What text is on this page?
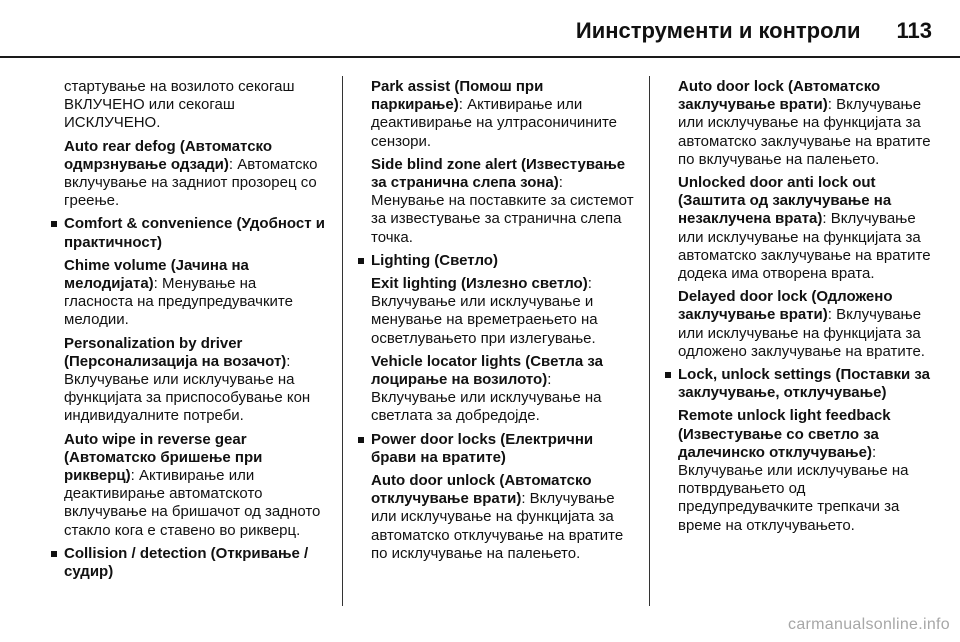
Иинструменти и контроли 113
стартување на возилото секогаш ВКЛУЧЕНО или секогаш ИСКЛУЧЕНО.
Auto rear defog (Автоматско одмрзнување одзади): Автоматско вклучување на задниот прозорец со греење.
Comfort & convenience (Удобност и практичност)
Chime volume (Јачина на мелодијата): Менување на гласноста на предупредувачките мелодии.
Personalization by driver (Персонализација на возачот): Вклучување или исклучување на функцијата за приспособување кон индивидуалните потреби.
Auto wipe in reverse gear (Автоматско бришење при рикверц): Активирање или деактивирање автоматското вклучување на бришачот од задното стакло кога е ставено во рикверц.
Collision / detection (Откривање / судир)
Park assist (Помош при паркирање): Активирање или деактивирање на ултрасоничините сензори.
Side blind zone alert (Известување за странична слепа зона): Менување на поставките за системот за известување за странична слепа точка.
Lighting (Светло)
Exit lighting (Излезно светло): Вклучување или исклучување и менување на времетраењето на осветлувањето при излегување.
Vehicle locator lights (Светла за лоцирање на возилото): Вклучување или исклучување на светлата за добредојде.
Power door locks (Електрични брави на вратите)
Auto door unlock (Автоматско отклучување врати): Вклучување или исклучување на функцијата за автоматско отклучување на вратите по исклучување на палењето.
Auto door lock (Автоматско заклучување врати): Вклучување или исклучување на функцијата за автоматско заклучување на вратите по вклучување на палењето.
Unlocked door anti lock out (Заштита од заклучување на незаклучена врата): Вклучување или исклучување на функцијата за автоматско заклучување на вратите додека има отворена врата.
Delayed door lock (Одложено заклучување врати): Вклучување или исклучување на функцијата за одложено заклучување на вратите.
Lock, unlock settings (Поставки за заклучување, отклучување)
Remote unlock light feedback (Известување со светло за далечинско отклучување): Вклучување или исклучување на потврдувањето од предупредувачките трепкачи за време на отклучувањето.
carmanualsonline.info
